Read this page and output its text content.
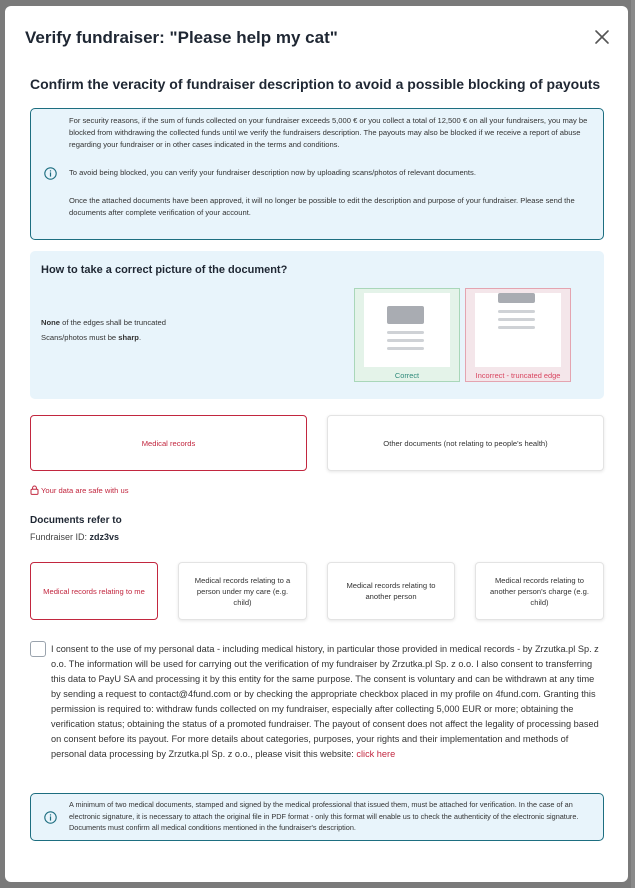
Verify fundraiser: "Please help my cat"
Confirm the veracity of fundraiser description to avoid a possible blocking of payouts

For security reasons, if the sum of funds collected on your fundraiser exceeds 5,000 € or you collect a total of 12,500 € on all your fundraisers, you may be blocked from withdrawing the collected funds until we verify the fundraisers description. The payouts may also be blocked if we receive a report of abuse regarding your fundraiser or in other cases indicated in the terms and conditions.

To avoid being blocked, you can verify your fundraiser description now by uploading scans/photos of relevant documents.

Once the attached documents have been approved, it will no longer be possible to edit the description and purpose of your fundraiser. Please send the documents after complete verification of your account.

How to take a correct picture of the document?
None of the edges shall be truncated
Scans/photos must be sharp.
Correct	Incorrect - truncated edge
Medical records	Other documents (not relating to people's health)
Your data are safe with us
Documents refer to
Fundraiser ID: zdz3vs
Medical records relating to me
Medical records relating to a person under my care (e.g. child)
Medical records relating to another person
Medical records relating to another person's charge (e.g. child)
I consent to the use of my personal data - including medical history, in particular those provided in medical records - by Zrzutka.pl Sp. z o.o. The information will be used for carrying out the verification of my fundraiser by Zrzutka.pl Sp. z o.o. I also consent to transferring this data to PayU SA and processing it by this entity for the same purpose. The consent is voluntary and can be withdrawn at any time by sending a request to contact@4fund.com or by checking the appropriate checkbox placed in my profile on 4fund.com. Granting this permission is required to: withdraw funds collected on my fundraiser, especially after collecting 5,000 EUR or more; obtaining the verification status; obtaining the status of a promoted fundraiser. The payout of consent does not affect the legality of processing based on consent before its payout. For more details about categories, purposes, your rights and their implementation and methods of personal data processing by Zrzutka.pl Sp. z o.o., please visit this website: click here

A minimum of two medical documents, stamped and signed by the medical professional that issued them, must be attached for verification. In the case of an electronic signature, it is necessary to attach the original file in PDF format - only this format will enable us to check the authenticity of the electronic signature. Documents must confirm all medical conditions mentioned in the fundraiser's description.
